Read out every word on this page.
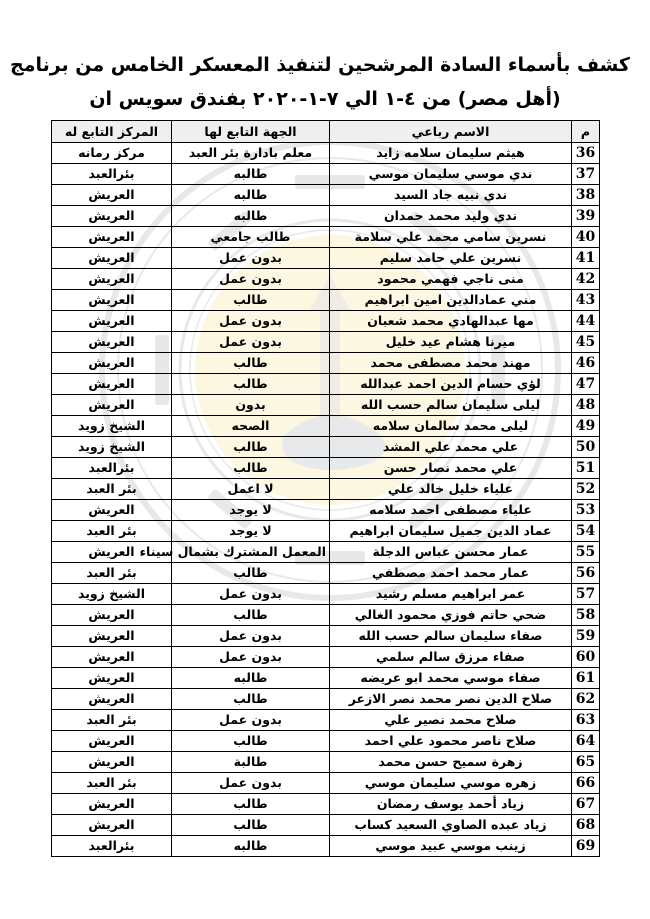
كشف بأسماء السادة المرشحين لتنفيذ المعسكر الخامس من برنامج
(أهل مصر) من ٤-١ الي ٧-١-٢٠٢٠ بفندق سويس ان
م	الاسم رباعي	الجهة التابع لها	المركز التابع له
36	هيثم سليمان سلامه زايد	معلم بادارة بئر العبد	مركز رمانه
37	ندي موسي سليمان موسي	طالبه	بئرالعبد
38	ندي نبيه جاد السيد	طالبه	العريش
39	ندي وليد محمد حمدان	طالبه	العريش
40	نسرين سامي محمد علي سلامة	طالب جامعي	العريش
41	نسرين علي حامد سليم	بدون عمل	العريش
42	منى ناجي فهمي محمود	بدون عمل	العريش
43	مني عمادالدين امين ابراهيم	طالب	العريش
44	مها عبدالهادي محمد شعبان	بدون عمل	العريش
45	ميرنا هشام عيد خليل	بدون عمل	العريش
46	مهند محمد مصطفى محمد	طالب	العريش
47	لؤي حسام الدين احمد عبدالله	طالب	العريش
48	ليلى سليمان سالم حسب الله	بدون	العريش
49	ليلى محمد سالمان سلامه	الصحه	الشيخ زويد
50	علي محمد علي المشد	طالب	الشيخ زويد
51	علي محمد نصار حسن	طالب	بئرالعبد
52	علياء خليل خالد علي	لا اعمل	بئر العبد
53	علياء مصطفى احمد سلامه	لا يوجد	العريش
54	عماد الدين جميل سليمان ابراهيم	لا يوجد	بئر العبد
55	عمار محسن عباس الدجلة	المعمل المشترك بشمال سيناء	العريش
56	عمار محمد احمد مصطفي	طالب	بئر العبد
57	عمر ابراهيم مسلم رشيد	بدون عمل	الشيخ زويد
58	ضحي حاتم فوزي محمود الغالي	طالب	العريش
59	صفاء سليمان سالم حسب الله	بدون عمل	العريش
60	صفاء مرزق سالم سلمي	بدون عمل	العريش
61	صفاء موسي محمد ابو عريضه	طالبه	العريش
62	صلاح الدين نصر محمد نصر الازعر	طالب	العريش
63	صلاح محمد نصير علي	بدون عمل	بئر العبد
64	صلاح ناصر محمود علي احمد	طالب	العريش
65	زهرة سميح حسن محمد	طالبة	العريش
66	زهره موسي سليمان موسي	بدون عمل	بئر العبد
67	زياد أحمد يوسف رمضان	طالب	العريش
68	زياد عبده الصاوي السعيد كساب	طالب	العريش
69	زينب موسي عبيد موسي	طالبه	بئرالعبد
